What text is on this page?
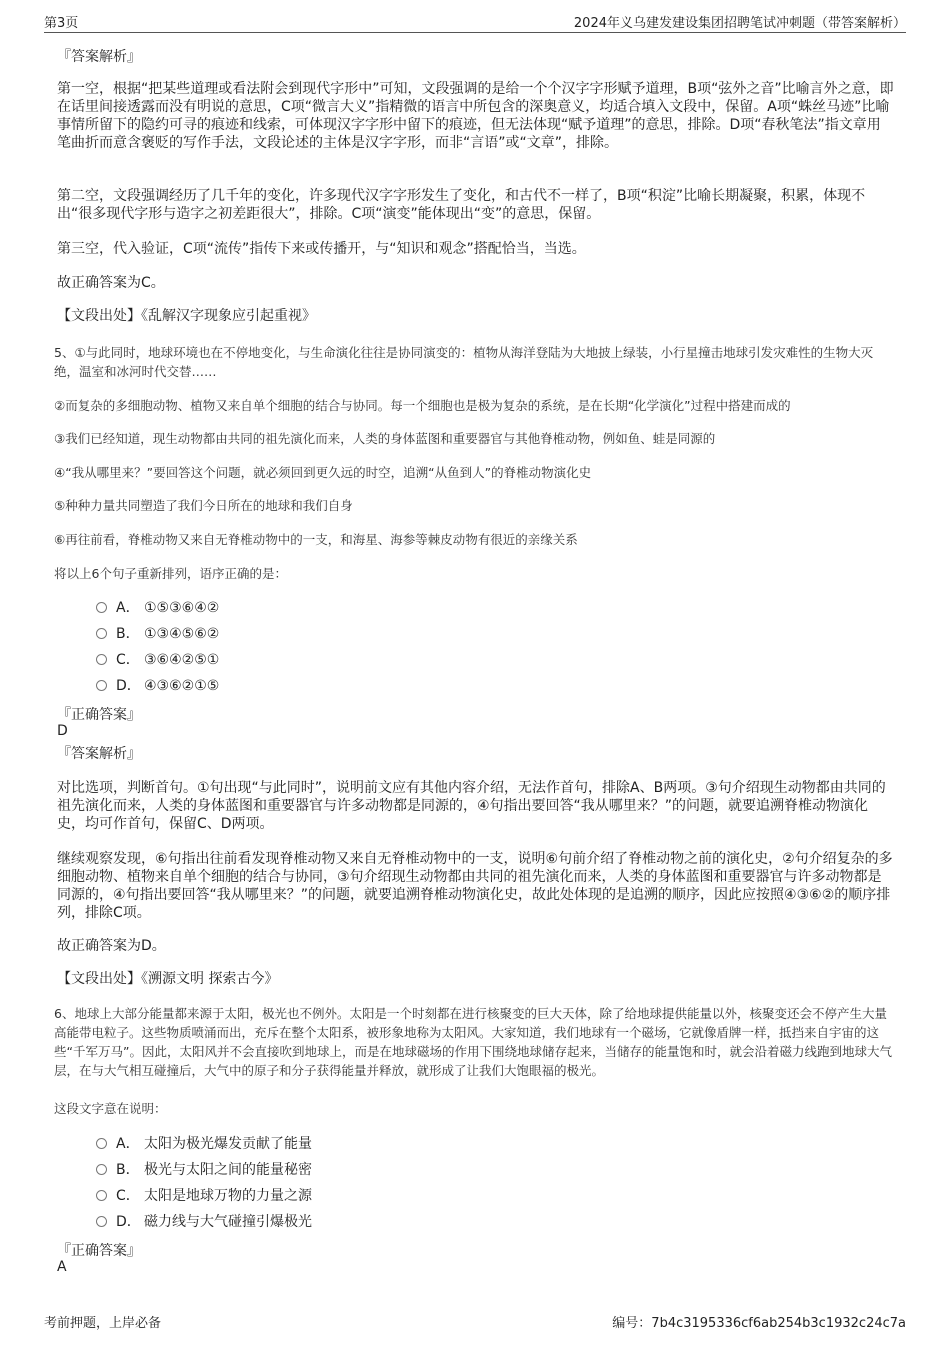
第3页	2024年义乌建发建设集团招聘笔试冲刺题（带答案解析）
『答案解析』
第一空，根据“把某些道理或看法附会到现代字形中”可知，文段强调的是给一个个汉字字形赋予道理，B项“弦外之音”比喻言外之意，即在话里间接透露而没有明说的意思，C项“微言大义”指精微的语言中所包含的深奥意义，均适合填入文段中，保留。A项“蛛丝马迹”比喻事情所留下的隐约可寻的痕迹和线索，可体现汉字字形中留下的痕迹，但无法体现“赋予道理”的意思，排除。D项“春秋笔法”指文章用笔曲折而意含褒贬的写作手法，文段论述的主体是汉字字形，而非“言语”或“文章”，排除。
第二空，文段强调经历了几千年的变化，许多现代汉字字形发生了变化，和古代不一样了，B项“积淀”比喻长期凝聚，积累，体现不出“很多现代字形与造字之初差距很大”，排除。C项“演变”能体现出“变”的意思，保留。
第三空，代入验证，C项“流传”指传下来或传播开，与“知识和观念”搭配恰当，当选。
故正确答案为C。
【文段出处】《乱解汉字现象应引起重视》
5、①与此同时，地球环境也在不停地变化，与生命演化往往是协同演变的：植物从海洋登陆为大地披上绿装，小行星撞击地球引发灾难性的生物大灭绝，温室和冰河时代交替……
②而复杂的多细胞动物、植物又来自单个细胞的结合与协同。每一个细胞也是极为复杂的系统，是在长期“化学演化”过程中搭建而成的
③我们已经知道，现生动物都由共同的祖先演化而来，人类的身体蓝图和重要器官与其他脊椎动物，例如鱼、蛙是同源的
④“我从哪里来？”要回答这个问题，就必须回到更久远的时空，追溯“从鱼到人”的脊椎动物演化史
⑤种种力量共同塑造了我们今日所在的地球和我们自身
⑥再往前看，脊椎动物又来自无脊椎动物中的一支，和海星、海参等棘皮动物有很近的亲缘关系
将以上6个句子重新排列，语序正确的是：
A． ①⑤③⑥④②
B． ①③④⑤⑥②
C． ③⑥④②⑤①
D． ④③⑥②①⑤
『正确答案』
D
『答案解析』
对比选项，判断首句。①句出现“与此同时”，说明前文应有其他内容介绍，无法作首句，排除A、B两项。③句介绍现生动物都由共同的祖先演化而来，人类的身体蓝图和重要器官与许多动物都是同源的，④句指出要回答“我从哪里来？”的问题，就要追溯脊椎动物演化史，均可作首句，保留C、D两项。
继续观察发现，⑥句指出往前看发现脊椎动物又来自无脊椎动物中的一支，说明⑥句前介绍了脊椎动物之前的演化史，②句介绍复杂的多细胞动物、植物来自单个细胞的结合与协同，③句介绍现生动物都由共同的祖先演化而来，人类的身体蓝图和重要器官与许多动物都是同源的，④句指出要回答“我从哪里来？”的问题，就要追溯脊椎动物演化史，故此处体现的是追溯的顺序，因此应按照④③⑥②的顺序排列，排除C项。
故正确答案为D。
【文段出处】《溯源文明 探索古今》
6、地球上大部分能量都来源于太阳，极光也不例外。太阳是一个时刻都在进行核聚变的巨大天体，除了给地球提供能量以外，核聚变还会不停产生大量高能带电粒子。这些物质喷涌而出，充斥在整个太阳系，被形象地称为太阳风。大家知道，我们地球有一个磁场，它就像盾牌一样，抵挡来自宇宙的这些“千军万马”。因此，太阳风并不会直接吹到地球上，而是在地球磁场的作用下围绕地球储存起来，当储存的能量饱和时，就会沿着磁力线跑到地球大气层，在与大气相互碰撞后，大气中的原子和分子获得能量并释放，就形成了让我们大饱眼福的极光。
这段文字意在说明：
A． 太阳为极光爆发贡献了能量
B． 极光与太阳之间的能量秘密
C． 太阳是地球万物的力量之源
D． 磁力线与大气碰撞引爆极光
『正确答案』
A
考前押题，上岸必备	编号：7b4c3195336cf6ab254b3c1932c24c7a
